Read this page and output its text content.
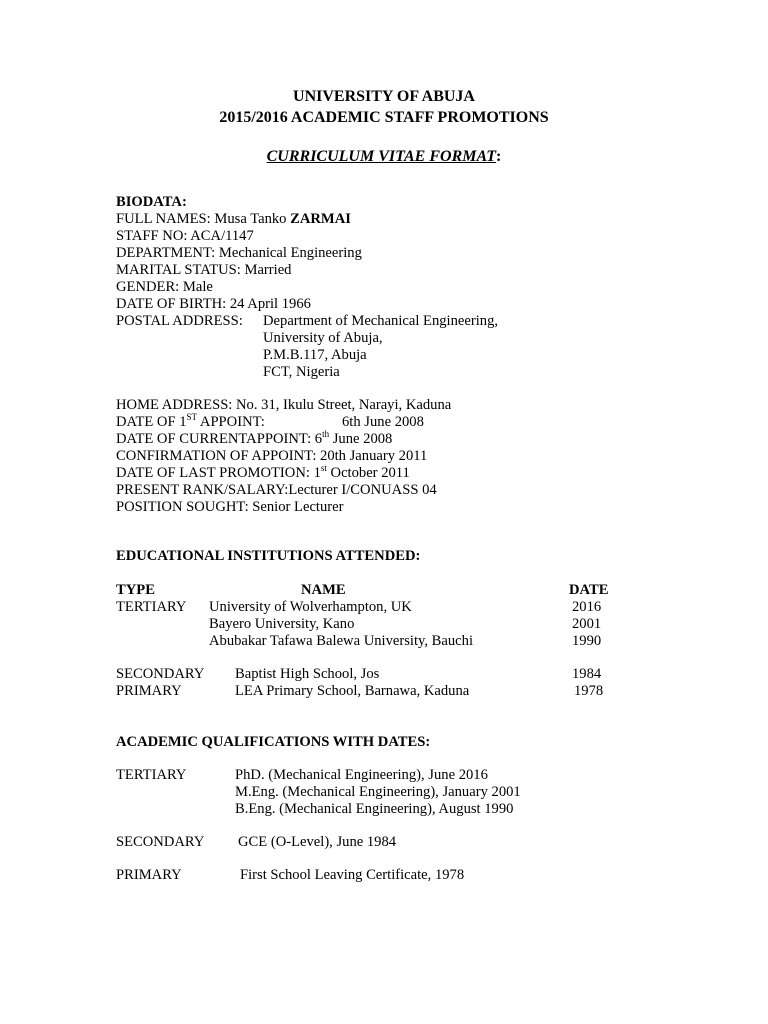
UNIVERSITY OF ABUJA
2015/2016 ACADEMIC STAFF PROMOTIONS
CURRICULUM VITAE FORMAT:
BIODATA:
FULL NAMES: Musa Tanko ZARMAI
STAFF NO: ACA/1147
DEPARTMENT: Mechanical Engineering
MARITAL STATUS: Married
GENDER: Male
DATE OF BIRTH: 24 April 1966
POSTAL ADDRESS: Department of Mechanical Engineering,
University of Abuja,
P.M.B.117, Abuja
FCT, Nigeria
HOME ADDRESS: No. 31, Ikulu Street, Narayi, Kaduna
DATE OF 1ST APPOINT:	6th June 2008
DATE OF CURRENTAPPOINT: 6th June 2008
CONFIRMATION OF APPOINT: 20th January 2011
DATE OF LAST PROMOTION: 1st October 2011
PRESENT RANK/SALARY:Lecturer I/CONUASS 04
POSITION SOUGHT: Senior Lecturer
EDUCATIONAL INSTITUTIONS ATTENDED:
TYPE	NAME	DATE
TERTIARY University of Wolverhampton, UK	2016
Bayero University, Kano	2001
Abubakar Tafawa Balewa University, Bauchi	1990
SECONDARY Baptist High School, Jos	1984
PRIMARY	LEA Primary School, Barnawa, Kaduna	1978
ACADEMIC QUALIFICATIONS WITH DATES:
TERTIARY	PhD. (Mechanical Engineering), June 2016
M.Eng. (Mechanical Engineering), January 2001
B.Eng. (Mechanical Engineering), August 1990
SECONDARY GCE (O-Level), June 1984
PRIMARY	First School Leaving Certificate, 1978
